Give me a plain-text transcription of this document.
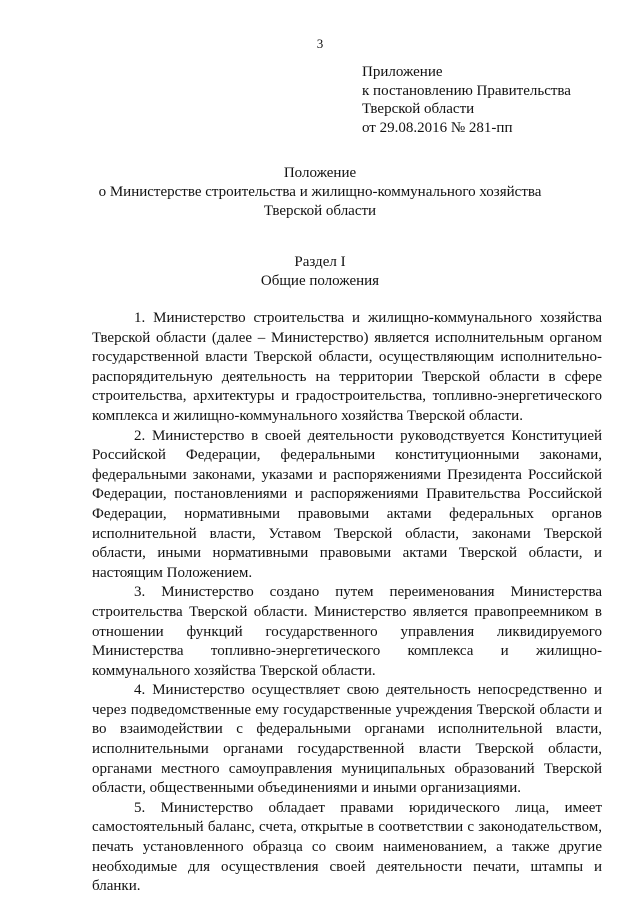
3
Приложение
к постановлению Правительства
Тверской области
от 29.08.2016 № 281-пп
Положение
о Министерстве строительства и жилищно-коммунального хозяйства
Тверской области
Раздел I
Общие положения

1. Министерство строительства и жилищно-коммунального хозяйства Тверской области (далее – Министерство) является исполнительным органом государственной власти Тверской области, осуществляющим исполнительно-распорядительную деятельность на территории Тверской области в сфере строительства, архитектуры и градостроительства, топливно-энергетического комплекса и жилищно-коммунального хозяйства Тверской области.

2. Министерство в своей деятельности руководствуется Конституцией Российской Федерации, федеральными конституционными законами, федеральными законами, указами и распоряжениями Президента Российской Федерации, постановлениями и распоряжениями Правительства Российской Федерации, нормативными правовыми актами федеральных органов исполнительной власти, Уставом Тверской области, законами Тверской области, иными нормативными правовыми актами Тверской области, и настоящим Положением.

3. Министерство создано путем переименования Министерства строительства Тверской области. Министерство является правопреемником в отношении функций государственного управления ликвидируемого Министерства топливно-энергетического комплекса и жилищно-коммунального хозяйства Тверской области.

4. Министерство осуществляет свою деятельность непосредственно и через подведомственные ему государственные учреждения Тверской области и во взаимодействии с федеральными органами исполнительной власти, исполнительными органами государственной власти Тверской области, органами местного самоуправления муниципальных образований Тверской области, общественными объединениями и иными организациями.

5. Министерство обладает правами юридического лица, имеет самостоятельный баланс, счета, открытые в соответствии с законодательством, печать установленного образца со своим наименованием, а также другие необходимые для осуществления своей деятельности печати, штампы и бланки.
